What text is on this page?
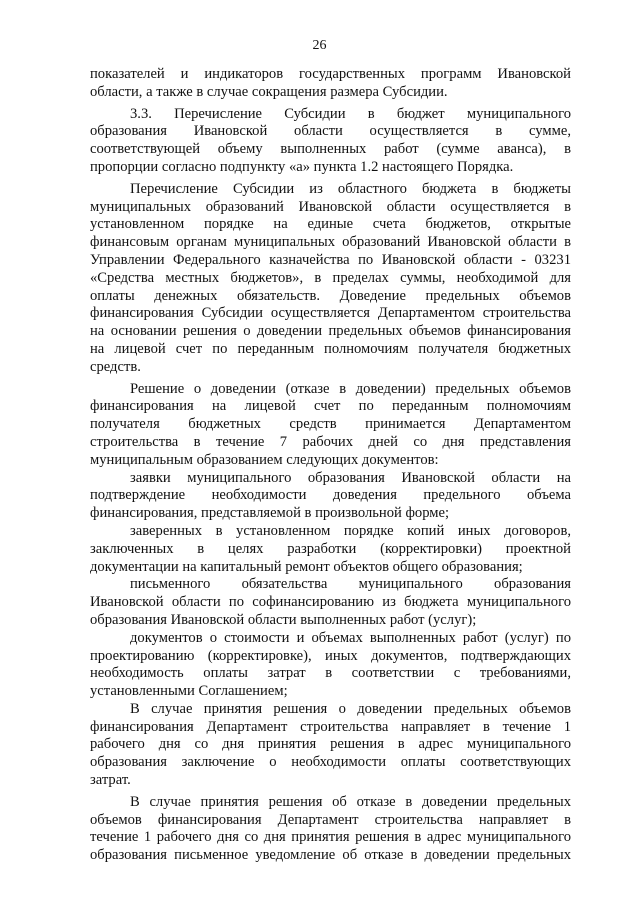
26
показателей и индикаторов государственных программ Ивановской
области, а также в случае сокращения размера Субсидии.
3.3. Перечисление Субсидии в бюджет муниципального
образования Ивановской области осуществляется в сумме,
соответствующей объему выполненных работ (сумме аванса), в
пропорции согласно подпункту «а» пункта 1.2 настоящего Порядка.
Перечисление Субсидии из областного бюджета в бюджеты
муниципальных образований Ивановской области осуществляется в
установленном порядке на единые счета бюджетов, открытые
финансовым органам муниципальных образований Ивановской области в
Управлении Федерального казначейства по Ивановской области - 03231
«Средства местных бюджетов», в пределах суммы, необходимой для
оплаты денежных обязательств. Доведение предельных объемов
финансирования Субсидии осуществляется Департаментом строительства
на основании решения о доведении предельных объемов финансирования
на лицевой счет по переданным полномочиям получателя бюджетных
средств.
Решение о доведении (отказе в доведении) предельных объемов
финансирования на лицевой счет по переданным полномочиям
получателя бюджетных средств принимается Департаментом
строительства в течение 7 рабочих дней со дня представления
муниципальным образованием следующих документов:
заявки муниципального образования Ивановской области на
подтверждение необходимости доведения предельного объема
финансирования, представляемой в произвольной форме;
заверенных в установленном порядке копий иных договоров,
заключенных в целях разработки (корректировки) проектной
документации на капитальный ремонт объектов общего образования;
письменного обязательства муниципального образования
Ивановской области по софинансированию из бюджета муниципального
образования Ивановской области выполненных работ (услуг);
документов о стоимости и объемах выполненных работ (услуг) по
проектированию (корректировке), иных документов, подтверждающих
необходимость оплаты затрат в соответствии с требованиями,
установленными Соглашением;
В случае принятия решения о доведении предельных объемов
финансирования Департамент строительства направляет в течение 1
рабочего дня со дня принятия решения в адрес муниципального
образования заключение о необходимости оплаты соответствующих
затрат.
В случае принятия решения об отказе в доведении предельных
объемов финансирования Департамент строительства направляет в
течение 1 рабочего дня со дня принятия решения в адрес муниципального
образования письменное уведомление об отказе в доведении предельных
